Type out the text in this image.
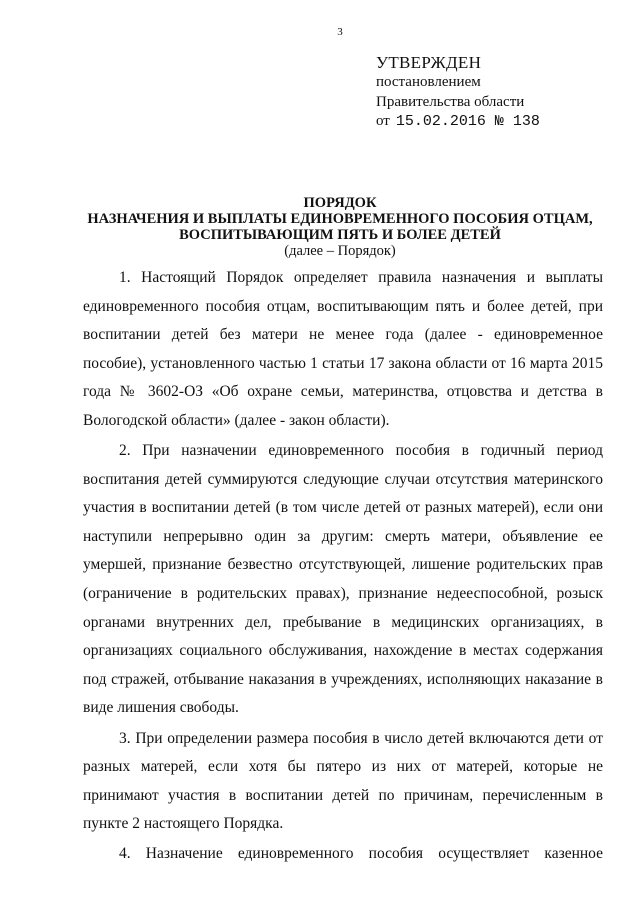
3
УТВЕРЖДЕН
постановлением
Правительства области
от 15.02.2016 № 138
ПОРЯДОК
НАЗНАЧЕНИЯ И ВЫПЛАТЫ ЕДИНОВРЕМЕННОГО ПОСОБИЯ ОТЦАМ,
ВОСПИТЫВАЮЩИМ ПЯТЬ И БОЛЕЕ ДЕТЕЙ
(далее – Порядок)

1. Настоящий Порядок определяет правила назначения и выплаты единовременного пособия отцам, воспитывающим пять и более детей, при воспитании детей без матери не менее года (далее - единовременное пособие), установленного частью 1 статьи 17 закона области от 16 марта 2015 года № 3602-ОЗ «Об охране семьи, материнства, отцовства и детства в Вологодской области» (далее - закон области).

2. При назначении единовременного пособия в годичный период воспитания детей суммируются следующие случаи отсутствия материнского участия в воспитании детей (в том числе детей от разных матерей), если они наступили непрерывно один за другим: смерть матери, объявление ее умершей, признание безвестно отсутствующей, лишение родительских прав (ограничение в родительских правах), признание недееспособной, розыск органами внутренних дел, пребывание в медицинских организациях, в организациях социального обслуживания, нахождение в местах содержания под стражей, отбывание наказания в учреждениях, исполняющих наказание в виде лишения свободы.

3. При определении размера пособия в число детей включаются дети от разных матерей, если хотя бы пятеро из них от матерей, которые не принимают участия в воспитании детей по причинам, перечисленным в пункте 2 настоящего Порядка.

4. Назначение единовременного пособия осуществляет казенное
